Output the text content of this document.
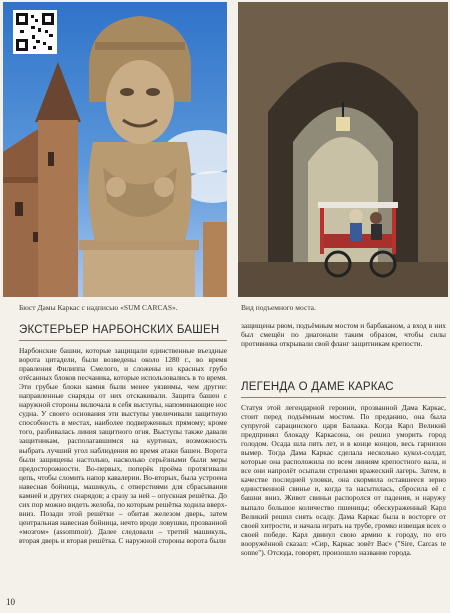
Бюст Дамы Каркас с надписью «SUM CARCAS».	Вид подъемного моста.
ЭКСТЕРЬЕР НАРБОНСКИХ БАШЕН

Нарбонские башни, которые защищали единственные въездные ворота цитадели, были возведены около 1280 г., во время правления Филиппа Смелого, и сложены из красных грубо отёсанных блоков песчаника, которые использовались в то время. Эти грубые блоки камня были менее уязвимы, чем другие: направленные снаряды от них отскакивали. Защита башен с наружной стороны включала в себя выступы, напоминающие нос судна. У своего основания эти выступы увеличивали защитную способность в местах, наиболее подверженных прямому; кроме того, разбивалась линия защитного огня. Выступы также давали защитникам, располагавшимся на куртинах, возможность выбрать лучший угол наблюдения во время атаки башен. Ворота были защищены настолько, насколько серьёзными были меры предосторожности. Во-первых, поперёк проёма протягивали цепь, чтобы сломить напор кавалерии. Во-вторых, была устроена навесная бойница, машикуль, с отверстиями для сбрасывания камней и других снарядов; а сразу за ней – опускная решётка. До сих пор можно видеть желоба, по которым решётка ходила вверх-вниз. Позади этой решётки – обитая железом дверь, затем центральная навесная бойница, нечто вроде ловушки, прозванной «мозгом» (assommoir). Далее следовали – третий машикуль, вторая дверь и вторая решётка. С наружной стороны ворота были

защищены рвом, подъёмным мостом и барбаканом, а вход в них был смещён по диагонали таким образом, чтобы силы противника открывали свой фланг защитникам крепости.

ЛЕГЕНДА О ДАМЕ КАРКАС

Статуя этой легендарной героини, прозванной Дама Каркас, стоит перед подъёмным мостом. По преданию, она была супругой сарацинского царя Балаака. Когда Карл Великий предпринял блокаду Каркасона, он решил уморить город голодом. Осада шла пять лет, и в конце концов, весь гарнизон вымер. Тогда Дама Каркас сделала несколько кукол-солдат, которые она расположила по всем линиям крепостного вала, и все они напролёт осыпали стрелами вражеский лагерь. Затем, в качестве последней уловки, она скормила оставшееся зерно единственной свинье и, когда та насытилась, сбросила её с башни вниз. Живот свиньи распоролся от падения, и наружу выпало большое количество пшеницы; обескураженный Карл Великий решил снять осаду. Дама Каркас была в восторге от своей хитрости, и начала играть на трубе, громко извещая всех о своей победе. Карл двинул свою армию к городу, по его вооружённой сказал: «Сир, Каркас зовёт Вас» ("Sire, Carcas te sonne"). Отсюда, говорят, произошло название города.

10
